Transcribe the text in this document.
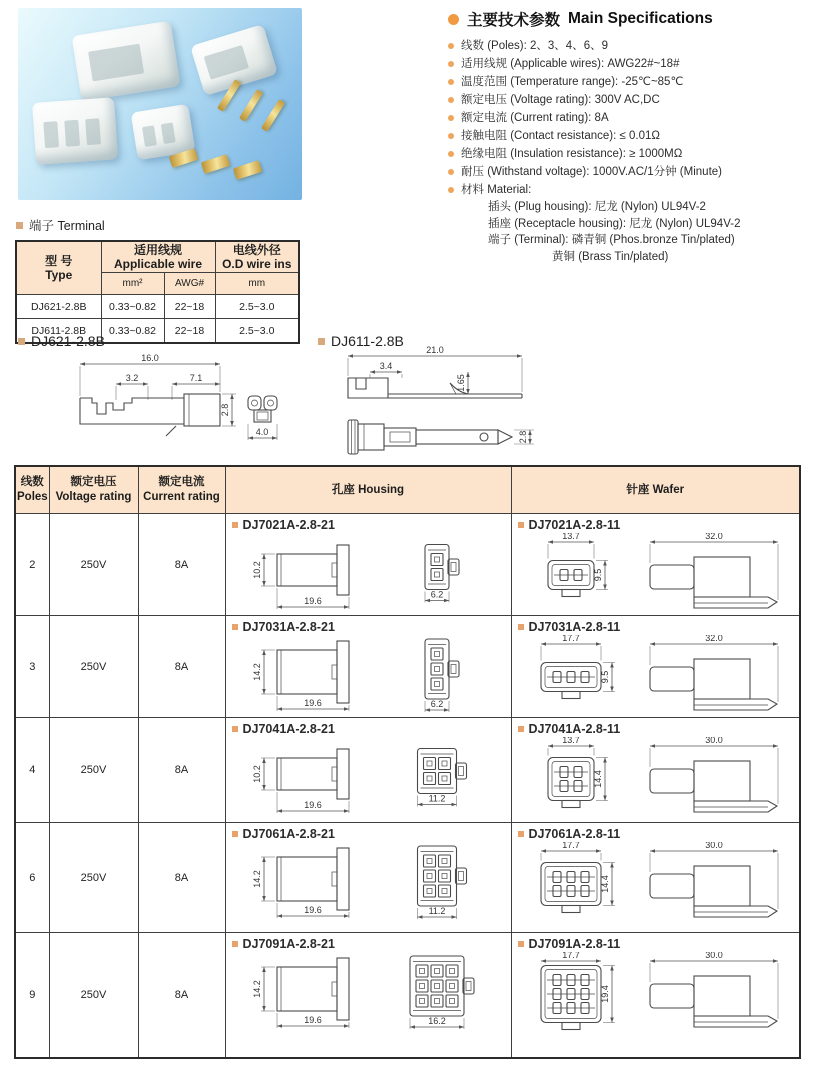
主要技术参数 Main Specifications
线数 (Poles): 2、3、4、6、9
适用线规 (Applicable wires): AWG22#~18#
温度范围 (Temperature range): -25℃~85℃
额定电压 (Voltage rating): 300V AC,DC
额定电流 (Current rating): 8A
接触电阻 (Contact resistance): ≤ 0.01Ω
绝缘电阻 (Insulation resistance): ≥ 1000MΩ
耐压 (Withstand voltage): 1000V.AC/1分钟 (Minute)
材料 Material:
插头 (Plug housing): 尼龙 (Nylon) UL94V-2
插座 (Receptacle housing): 尼龙 (Nylon) UL94V-2
端子 (Terminal): 磷青铜 (Phos.bronze Tin/plated)
黄铜 (Brass Tin/plated)
端子 Terminal
型 号
Type

适用线规
Applicable wire

电线外径
O.D wire ins

	mm²	AWG#	mm
DJ621-2.8B	0.33~0.82	22~18	2.5~3.0
DJ611-2.8B	0.33~0.82	22~18	2.5~3.0
DJ621-2.8B	DJ611-2.8B
16.0
3.2	7.1
2.8
4.0
21.0
3.4
1.65
2.8
线数
Poles

额定电压
Voltage rating

额定电流
Current rating
	孔座 Housing	针座 Wafer
2	250V	8A	
DJ7021A-2.8-21
10.2
19.6
6.2

DJ7021A-2.8-11
13.7
9.5
32.0

3	250V	8A	
DJ7031A-2.8-21
14.2
19.6	6.2

DJ7031A-2.8-11
17.7
9.5
32.0

4	250V	8A	
DJ7041A-2.8-21
10.2
19.6
11.2

DJ7041A-2.8-11
13.7
14.4
30.0

6	250V	8A	
DJ7061A-2.8-21
14.2
19.6	11.2

DJ7061A-2.8-11
17.7
14.4
30.0

9	250V	8A	
DJ7091A-2.8-21
14.2
19.6	16.2

DJ7091A-2.8-11
17.7
19.4
30.0
